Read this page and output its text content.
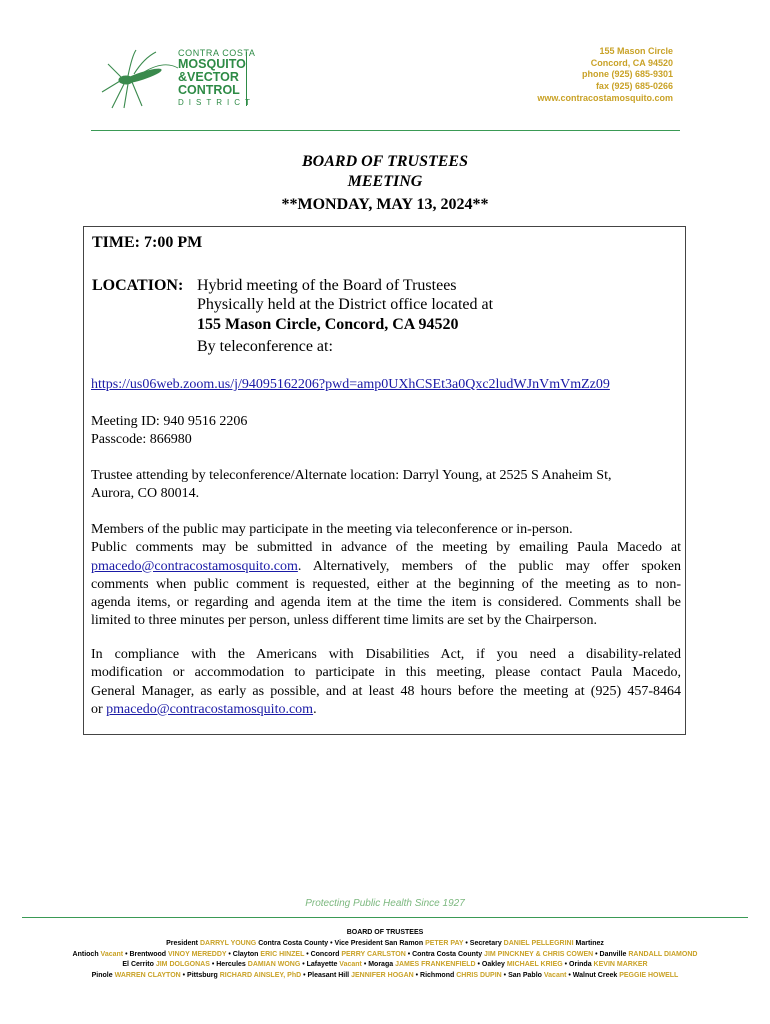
CONTRA COSTA
MOSQUITO
&VECTOR
CONTROL
DISTRICT
155 Mason Circle
Concord, CA 94520
phone (925) 685-9301
fax (925) 685-0266
www.contracostamosquito.com
BOARD OF TRUSTEES
MEETING
**MONDAY, MAY 13, 2024**
TIME: 7:00 PM
LOCATION: Hybrid meeting of the Board of Trustees
Physically held at the District office located at
155 Mason Circle, Concord, CA 94520
By teleconference at:
https://us06web.zoom.us/j/94095162206?pwd=amp0UXhCSEt3a0Qxc2ludWJnVmVmZz09
Meeting ID: 940 9516 2206
Passcode: 866980
Trustee attending by teleconference/Alternate location: Darryl Young, at 2525 S Anaheim St,
Aurora, CO 80014.
Members of the public may participate in the meeting via teleconference or in-person.
Public comments may be submitted in advance of the meeting by emailing Paula Macedo at
pmacedo@contracostamosquito.com. Alternatively, members of the public may offer spoken
comments when public comment is requested, either at the beginning of the meeting as to non-
agenda items, or regarding and agenda item at the time the item is considered. Comments shall be
limited to three minutes per person, unless different time limits are set by the Chairperson.
In compliance with the Americans with Disabilities Act, if you need a disability-related
modification or accommodation to participate in this meeting, please contact Paula Macedo,
General Manager, as early as possible, and at least 48 hours before the meeting at (925) 457-8464
or pmacedo@contracostamosquito.com.
Protecting Public Health Since 1927
BOARD OF TRUSTEES
President DARRYL YOUNG Contra Costa County • Vice President San Ramon PETER PAY • Secretary DANIEL PELLEGRINI Martinez
Antioch Vacant • Brentwood VINOY MEREDDY • Clayton ERIC HINZEL • Concord PERRY CARLSTON • Contra Costa County JIM PINCKNEY & CHRIS COWEN • Danville RANDALL DIAMOND
El Cerrito JIM DOLGONAS • Hercules DAMIAN WONG • Lafayette Vacant • Moraga JAMES FRANKENFIELD • Oakley MICHAEL KRIEG • Orinda KEVIN MARKER
Pinole WARREN CLAYTON • Pittsburg RICHARD AINSLEY, PhD • Pleasant Hill JENNIFER HOGAN • Richmond CHRIS DUPIN • San Pablo Vacant • Walnut Creek PEGGIE HOWELL
